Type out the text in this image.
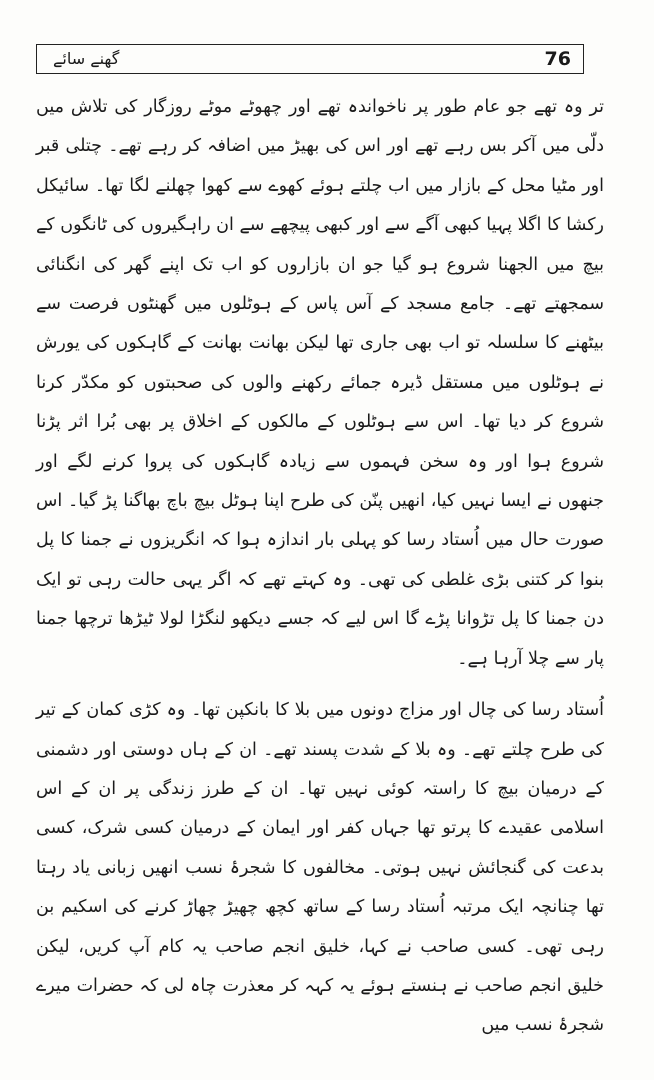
گھنے سائے	76

تر وہ تھے جو عام طور پر ناخواندہ تھے اور چھوٹے موٹے روزگار کی تلاش میں دلّی میں آکر بس رہے تھے اور اس کی بھیڑ میں اضافہ کر رہے تھے۔ چتلی قبر اور مٹیا محل کے بازار میں اب چلتے ہوئے کھوے سے کھوا چھلنے لگا تھا۔ سائیکل رکشا کا اگلا پہیا کبھی آگے سے اور کبھی پیچھے سے ان راہگیروں کی ٹانگوں کے بیچ میں الجھنا شروع ہو گیا جو ان بازاروں کو اب تک اپنے گھر کی انگنائی سمجھتے تھے۔ جامع مسجد کے آس پاس کے ہوٹلوں میں گھنٹوں فرصت سے بیٹھنے کا سلسلہ تو اب بھی جاری تھا لیکن بھانت بھانت کے گاہکوں کی یورش نے ہوٹلوں میں مستقل ڈیرہ جمائے رکھنے والوں کی صحبتوں کو مکدّر کرنا شروع کر دیا تھا۔ اس سے ہوٹلوں کے مالکوں کے اخلاق پر بھی بُرا اثر پڑنا شروع ہوا اور وہ سخن فہموں سے زیادہ گاہکوں کی پروا کرنے لگے اور جنھوں نے ایسا نہیں کیا، انھیں پنّن کی طرح اپنا ہوٹل بیچ باچ بھاگنا پڑ گیا۔ اس صورت حال میں اُستاد رسا کو پہلی بار اندازہ ہوا کہ انگریزوں نے جمنا کا پل بنوا کر کتنی بڑی غلطی کی تھی۔ وہ کہتے تھے کہ اگر یہی حالت رہی تو ایک دن جمنا کا پل تڑوانا پڑے گا اس لیے کہ جسے دیکھو لنگڑا لولا ٹیڑھا ترچھا جمنا پار سے چلا آرہا ہے۔

اُستاد رسا کی چال اور مزاج دونوں میں بلا کا بانکپن تھا۔ وہ کڑی کمان کے تیر کی طرح چلتے تھے۔ وہ بلا کے شدت پسند تھے۔ ان کے ہاں دوستی اور دشمنی کے درمیان بیچ کا راستہ کوئی نہیں تھا۔ ان کے طرز زندگی پر ان کے اس اسلامی عقیدے کا پرتو تھا جہاں کفر اور ایمان کے درمیان کسی شرک، کسی بدعت کی گنجائش نہیں ہوتی۔ مخالفوں کا شجرۂ نسب انھیں زبانی یاد رہتا تھا چنانچہ ایک مرتبہ اُستاد رسا کے ساتھ کچھ چھیڑ چھاڑ کرنے کی اسکیم بن رہی تھی۔ کسی صاحب نے کہا، خلیق انجم صاحب یہ کام آپ کریں، لیکن خلیق انجم صاحب نے ہنستے ہوئے یہ کہہ کر معذرت چاہ لی کہ حضرات میرے شجرۂ نسب میں
